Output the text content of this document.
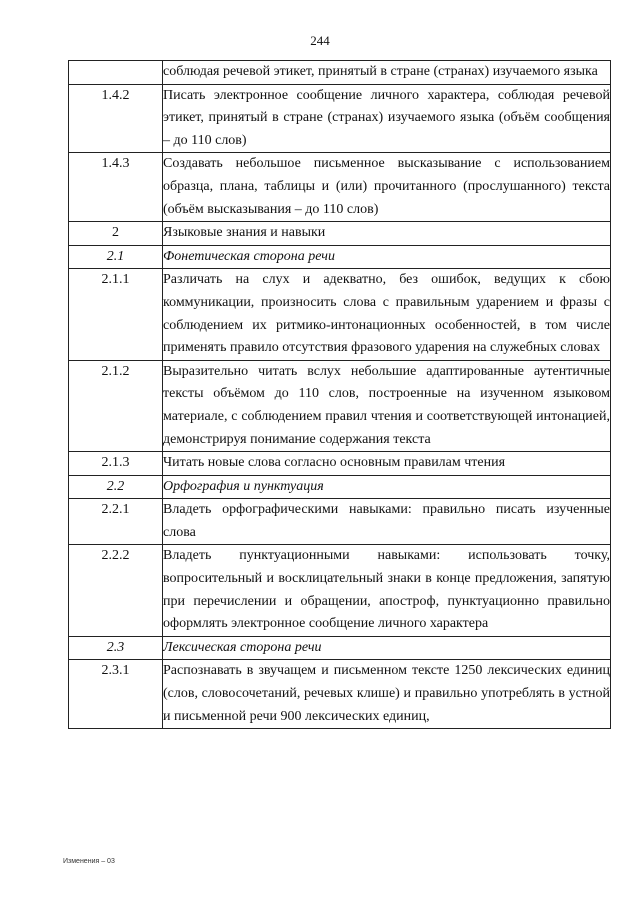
244
	соблюдая речевой этикет, принятый в стране (странах) изучаемого языка
1.4.2	Писать электронное сообщение личного характера, соблюдая речевой этикет, принятый в стране (странах) изучаемого языка (объём сообщения – до 110 слов)
1.4.3	Создавать небольшое письменное высказывание с использованием образца, плана, таблицы и (или) прочитанного (прослушанного) текста (объём высказывания – до 110 слов)
2	Языковые знания и навыки
2.1	Фонетическая сторона речи
2.1.1	Различать на слух и адекватно, без ошибок, ведущих к сбою коммуникации, произносить слова с правильным ударением и фразы с соблюдением их ритмико-интонационных особенностей, в том числе применять правило отсутствия фразового ударения на служебных словах
2.1.2	Выразительно читать вслух небольшие адаптированные аутентичные тексты объёмом до 110 слов, построенные на изученном языковом материале, с соблюдением правил чтения и соответствующей интонацией, демонстрируя понимание содержания текста
2.1.3	Читать новые слова согласно основным правилам чтения
2.2	Орфография и пунктуация
2.2.1	Владеть орфографическими навыками: правильно писать изученные слова
2.2.2	Владеть пунктуационными навыками: использовать точку, вопросительный и восклицательный знаки в конце предложения, запятую при перечислении и обращении, апостроф, пунктуационно правильно оформлять электронное сообщение личного характера
2.3	Лексическая сторона речи
2.3.1	Распознавать в звучащем и письменном тексте 1250 лексических единиц (слов, словосочетаний, речевых клише) и правильно употреблять в устной и письменной речи 900 лексических единиц,
Изменения – 03
